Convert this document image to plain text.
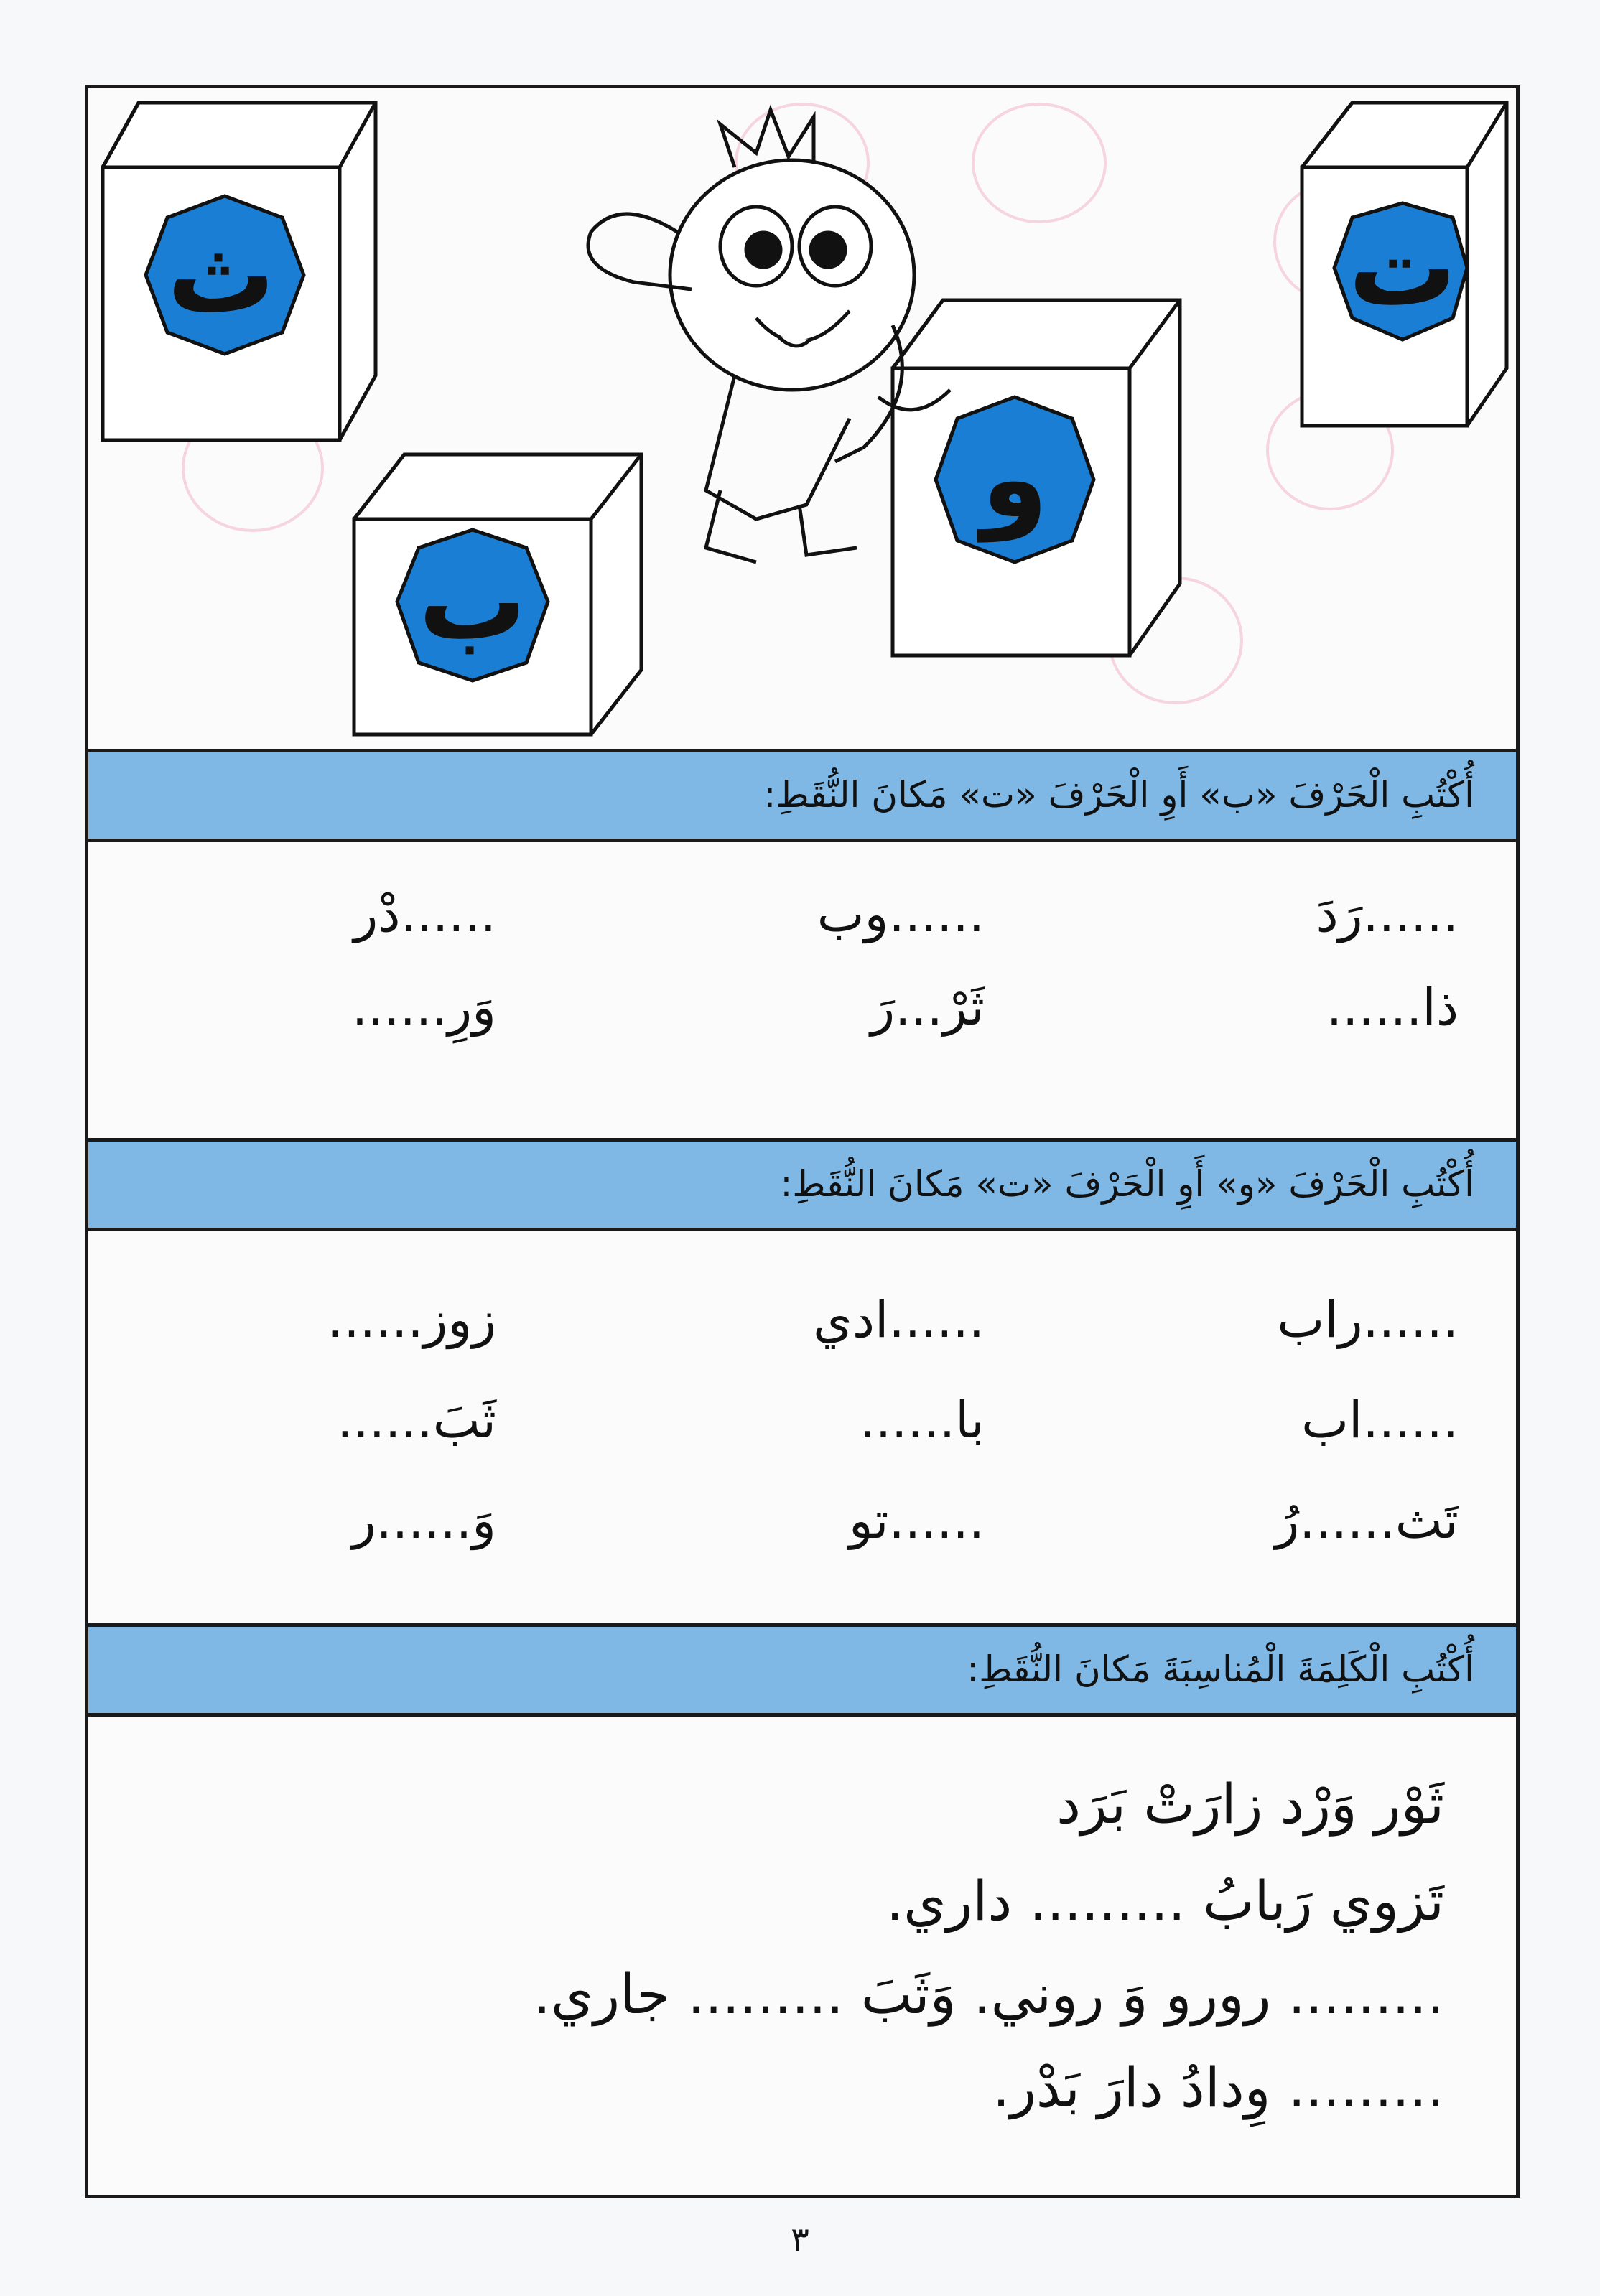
ث	ت
و
ب
أُكْتُبِ الْحَرْفَ «ب» أَوِ الْحَرْفَ «ت» مَكانَ النُّقَطِ:
......رَدَ
......وب
......دْر
ذا......
ثَرْ...رَ
وَرِ......
أُكْتُبِ الْحَرْفَ «و» أَوِ الْحَرْفَ «ت» مَكانَ النُّقَطِ:
......راب
......ادي
زوز......
......اب
با......
ثَبَ......
تَث......رُ
......تو
وَ......ر
أُكْتُبِ الْكَلِمَةَ الْمُناسِبَةَ مَكانَ النُّقَطِ:
ثَوْر وَرْد زارَتْ بَرَد
تَزوي رَبابُ ......... داري.
......... رورو وَ روني. وَثَبَ ......... جاري.
......... وِدادُ دارَ بَدْر.
٣
